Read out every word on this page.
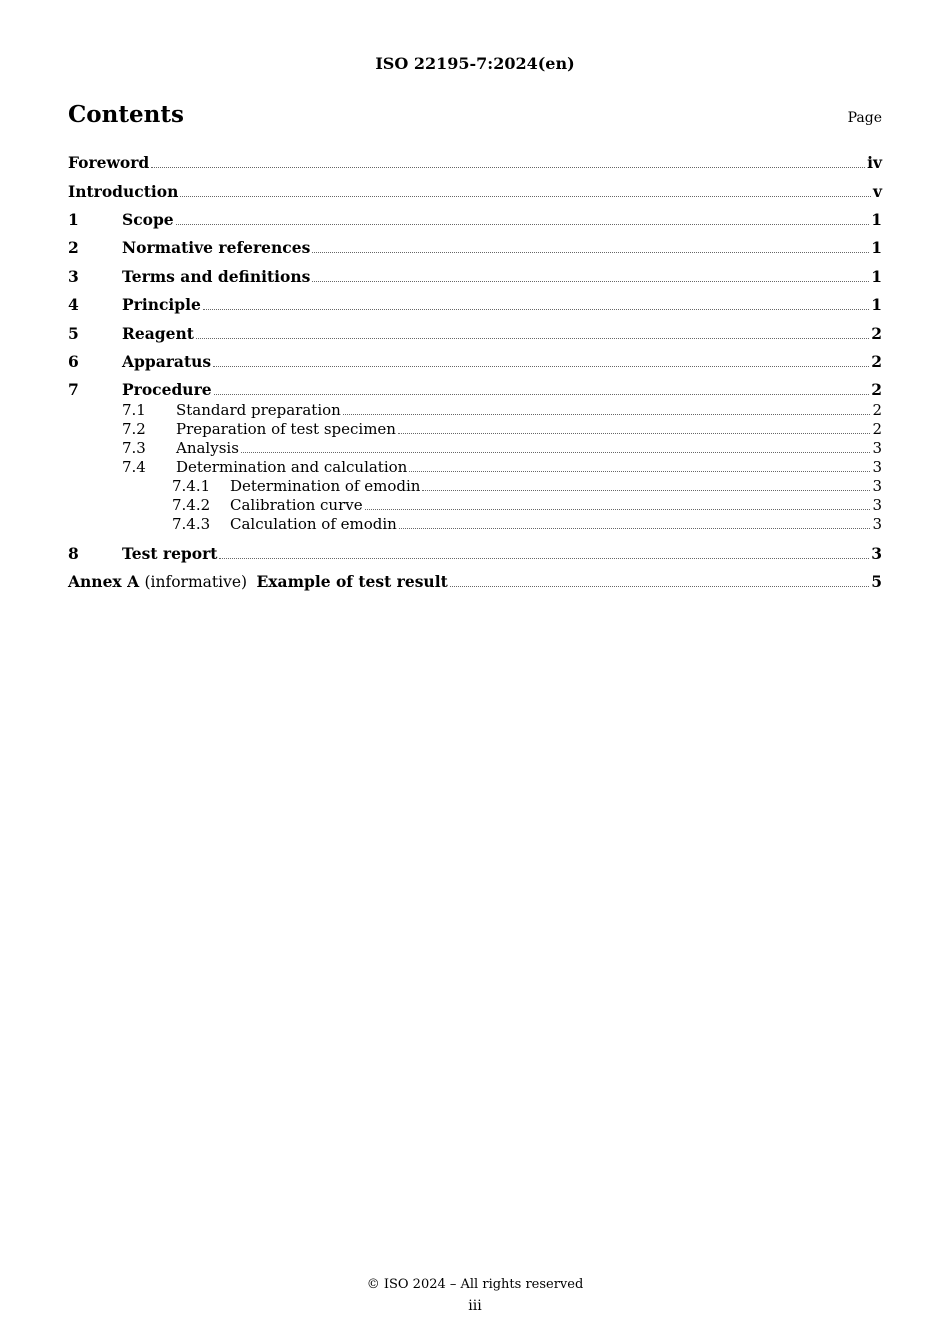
ISO 22195-7:2024(en)
Contents	Page
Foreword	iv
Introduction	v
1	Scope	1
2	Normative references	1
3	Terms and definitions	1
4	Principle	1
5	Reagent	2
6	Apparatus	2
7	Procedure	2
7.1	Standard preparation	2
7.2	Preparation of test specimen	2
7.3	Analysis	3
7.4	Determination and calculation	3
7.4.1	Determination of emodin	3
7.4.2	Calibration curve	3
7.4.3	Calculation of emodin	3
8	Test report	3
Annex A (informative) Example of test result	5
© ISO 2024 – All rights reserved
iii
